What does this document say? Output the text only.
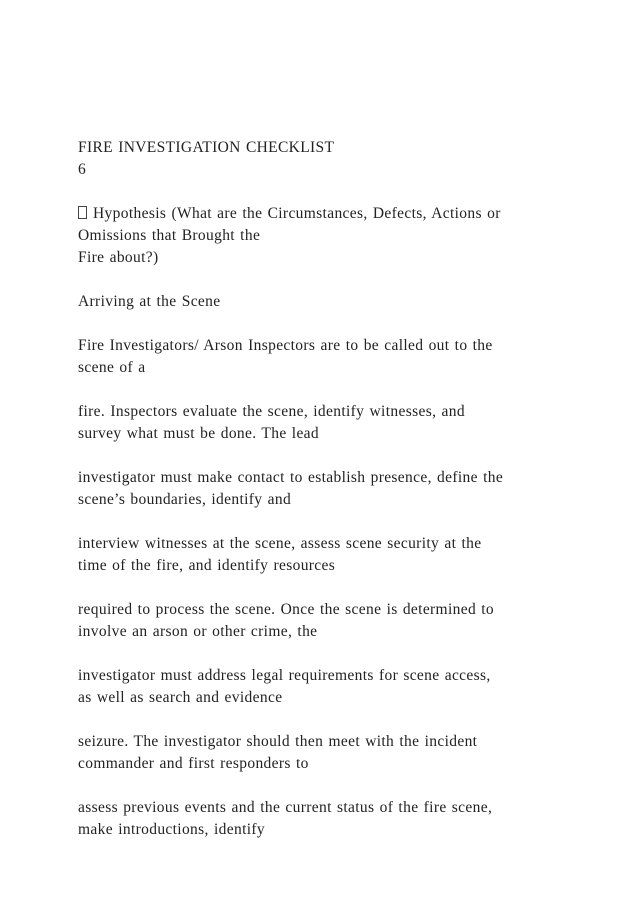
FIRE INVESTIGATION CHECKLIST
6
Hypothesis (What are the Circumstances, Defects, Actions or
Omissions that Brought the
Fire about?)
Arriving at the Scene
Fire Investigators/ Arson Inspectors are to be called out to the
scene of a
fire. Inspectors evaluate the scene, identify witnesses, and
survey what must be done. The lead
investigator must make contact to establish presence, define the
scene’s boundaries, identify and
interview witnesses at the scene, assess scene security at the
time of the fire, and identify resources
required to process the scene. Once the scene is determined to
involve an arson or other crime, the
investigator must address legal requirements for scene access,
as well as search and evidence
seizure. The investigator should then meet with the incident
commander and first responders to
assess previous events and the current status of the fire scene,
make introductions, identify
